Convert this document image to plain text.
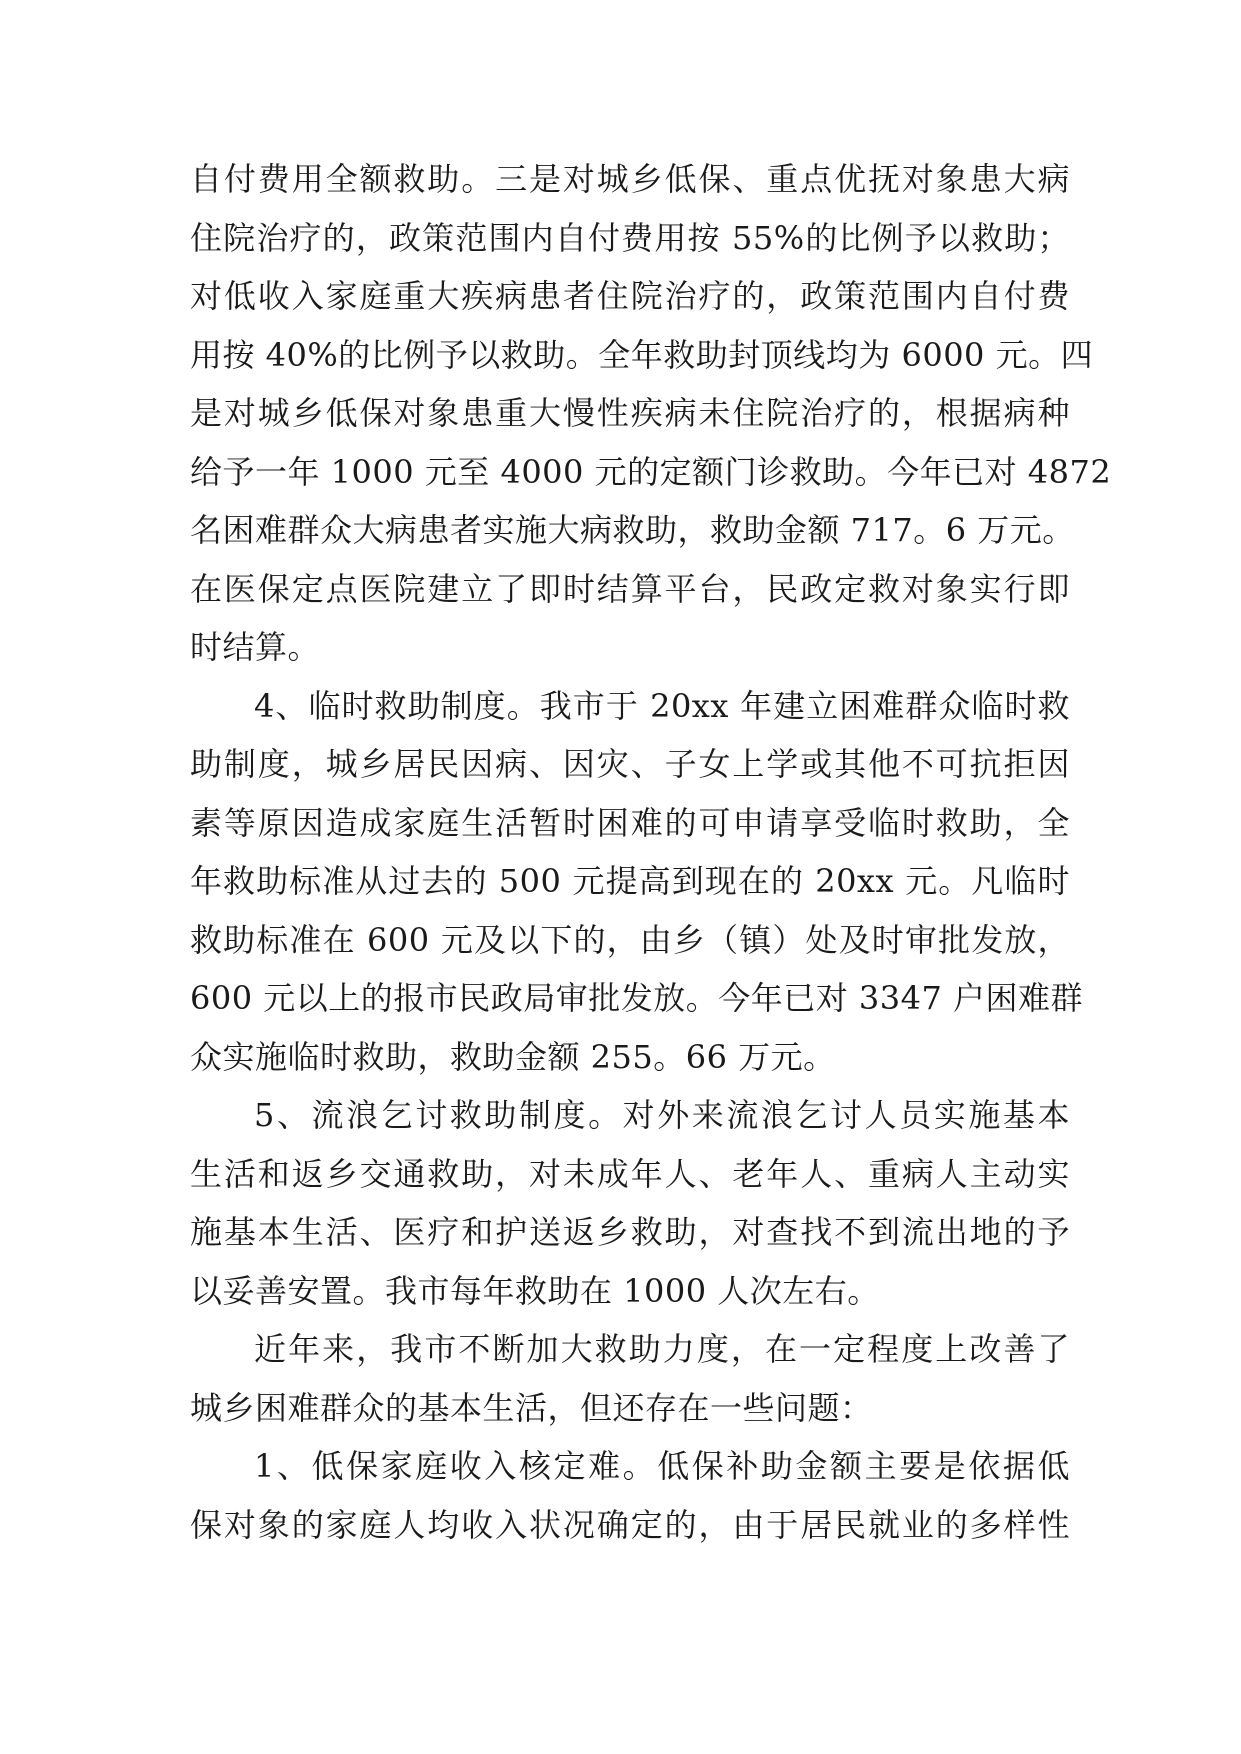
自付费用全额救助。三是对城乡低保、重点优抚对象患大病
住院治疗的，政策范围内自付费用按 55%的比例予以救助；
对低收入家庭重大疾病患者住院治疗的，政策范围内自付费
用按 40%的比例予以救助。全年救助封顶线均为 6000 元。四
是对城乡低保对象患重大慢性疾病未住院治疗的，根据病种
给予一年 1000 元至 4000 元的定额门诊救助。今年已对 4872
名困难群众大病患者实施大病救助，救助金额 717。6 万元。
在医保定点医院建立了即时结算平台，民政定救对象实行即
时结算。
4、临时救助制度。我市于 20xx 年建立困难群众临时救
助制度，城乡居民因病、因灾、子女上学或其他不可抗拒因
素等原因造成家庭生活暂时困难的可申请享受临时救助，全
年救助标准从过去的 500 元提高到现在的 20xx 元。凡临时
救助标准在 600 元及以下的，由乡（镇）处及时审批发放，
600 元以上的报市民政局审批发放。今年已对 3347 户困难群
众实施临时救助，救助金额 255。66 万元。
5、流浪乞讨救助制度。对外来流浪乞讨人员实施基本
生活和返乡交通救助，对未成年人、老年人、重病人主动实
施基本生活、医疗和护送返乡救助，对查找不到流出地的予
以妥善安置。我市每年救助在 1000 人次左右。
近年来，我市不断加大救助力度，在一定程度上改善了
城乡困难群众的基本生活，但还存在一些问题：
1、低保家庭收入核定难。低保补助金额主要是依据低
保对象的家庭人均收入状况确定的，由于居民就业的多样性
